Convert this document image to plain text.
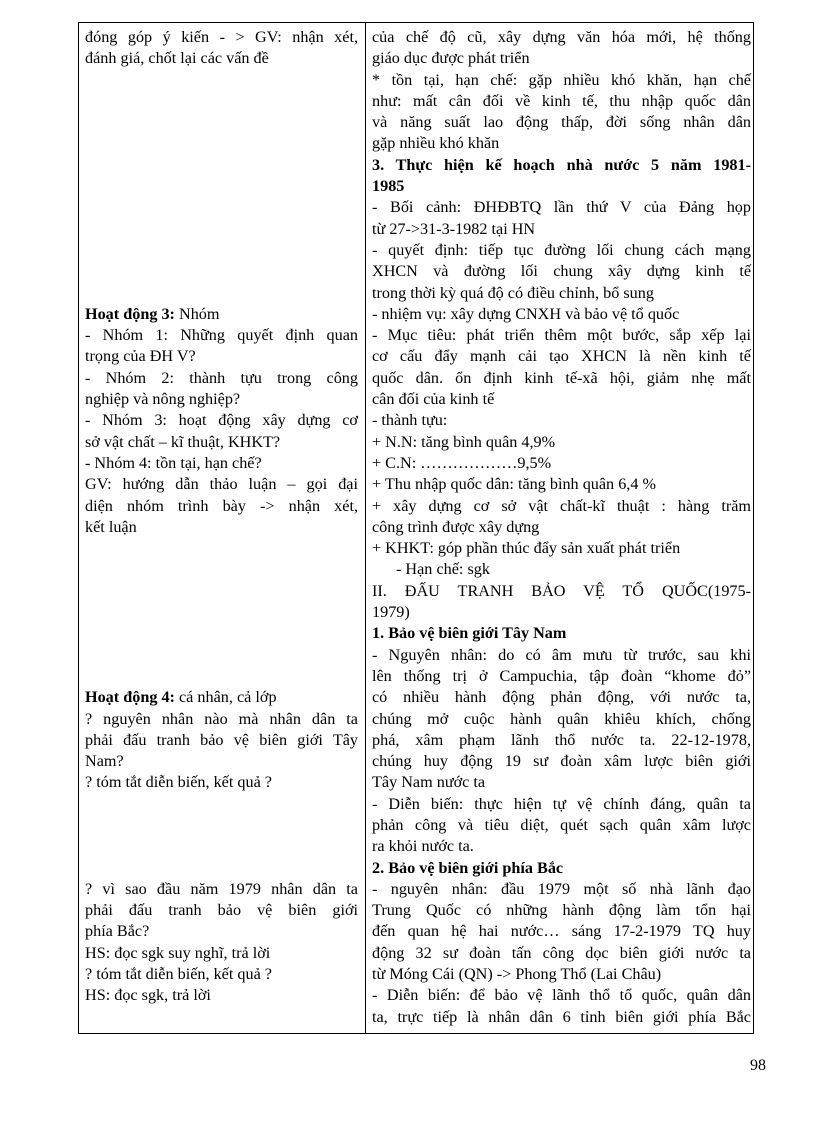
đóng góp ý kiến - > GV: nhận xét,
đánh giá, chốt lại các vấn đề
Hoạt động 3: Nhóm
- Nhóm 1: Những quyết định quan
trọng của ĐH V?
- Nhóm 2: thành tựu trong công
nghiệp và nông nghiệp?
- Nhóm 3: hoạt động xây dựng cơ
sở vật chất – kĩ thuật, KHKT?
- Nhóm 4: tồn tại, hạn chế?
GV: hướng dẫn thảo luận – gọi đại
diện nhóm trình bày -> nhận xét,
kết luận
Hoạt động 4: cá nhân, cả lớp
? nguyên nhân nào mà nhân dân ta
phải đấu tranh bảo vệ biên giới Tây
Nam?
? tóm tắt diễn biến, kết quả ?
? vì sao đầu năm 1979 nhân dân ta
phải đấu tranh bảo vệ biên giới
phía Bắc?
HS: đọc sgk suy nghĩ, trả lời
? tóm tắt diễn biến, kết quả ?
HS: đọc sgk, trả lời
của chế độ cũ, xây dựng văn hóa mới, hệ thống
giáo dục được phát triển
* tồn tại, hạn chế: gặp nhiều khó khăn, hạn chế
như: mất cân đối về kinh tế, thu nhập quốc dân
và năng suất lao động thấp, đời sống nhân dân
gặp nhiều khó khăn
3. Thực hiện kế hoạch nhà nước 5 năm 1981-
1985
- Bối cảnh: ĐHĐBTQ lần thứ V của Đảng họp
từ 27->31-3-1982 tại HN
- quyết định: tiếp tục đường lối chung cách mạng
XHCN và đường lối chung xây dựng kinh tế
trong thời kỳ quá độ có điều chỉnh, bổ sung
- nhiệm vụ: xây dựng CNXH và bảo vệ tổ quốc
- Mục tiêu: phát triển thêm một bước, sắp xếp lại
cơ cấu đẩy mạnh cải tạo XHCN là nền kinh tế
quốc dân. ổn định kinh tế-xã hội, giảm nhẹ mất
cân đối của kinh tế
- thành tựu:
+ N.N: tăng bình quân 4,9%
+ C.N: ………………9,5%
+ Thu nhập quốc dân: tăng bình quân 6,4 %
+ xây dựng cơ sở vật chất-kĩ thuật : hàng trăm
công trình được xây dựng
+ KHKT: góp phần thúc đẩy sản xuất phát triển
- Hạn chế: sgk
II. ĐẤU TRANH BẢO VỆ TỔ QUỐC(1975-
1979)
1. Bảo vệ biên giới Tây Nam
- Nguyên nhân: do có âm mưu từ trước, sau khi
lên thống trị ở Campuchia, tập đoàn “khome đỏ”
có nhiều hành động phản động, với nước ta,
chúng mở cuộc hành quân khiêu khích, chống
phá, xâm phạm lãnh thổ nước ta. 22-12-1978,
chúng huy động 19 sư đoàn xâm lược biên giới
Tây Nam nước ta
- Diễn biến: thực hiện tự vệ chính đáng, quân ta
phản công và tiêu diệt, quét sạch quân xâm lược
ra khỏi nước ta.
2. Bảo vệ biên giới phía Bắc
- nguyên nhân: đầu 1979 một số nhà lãnh đạo
Trung Quốc có những hành động làm tổn hại
đến quan hệ hai nước… sáng 17-2-1979 TQ huy
động 32 sư đoàn tấn công dọc biên giới nước ta
từ Móng Cái (QN) -> Phong Thổ (Lai Châu)
- Diễn biến: để bảo vệ lãnh thổ tổ quốc, quân dân
ta, trực tiếp là nhân dân 6 tỉnh biên giới phía Bắc
98
